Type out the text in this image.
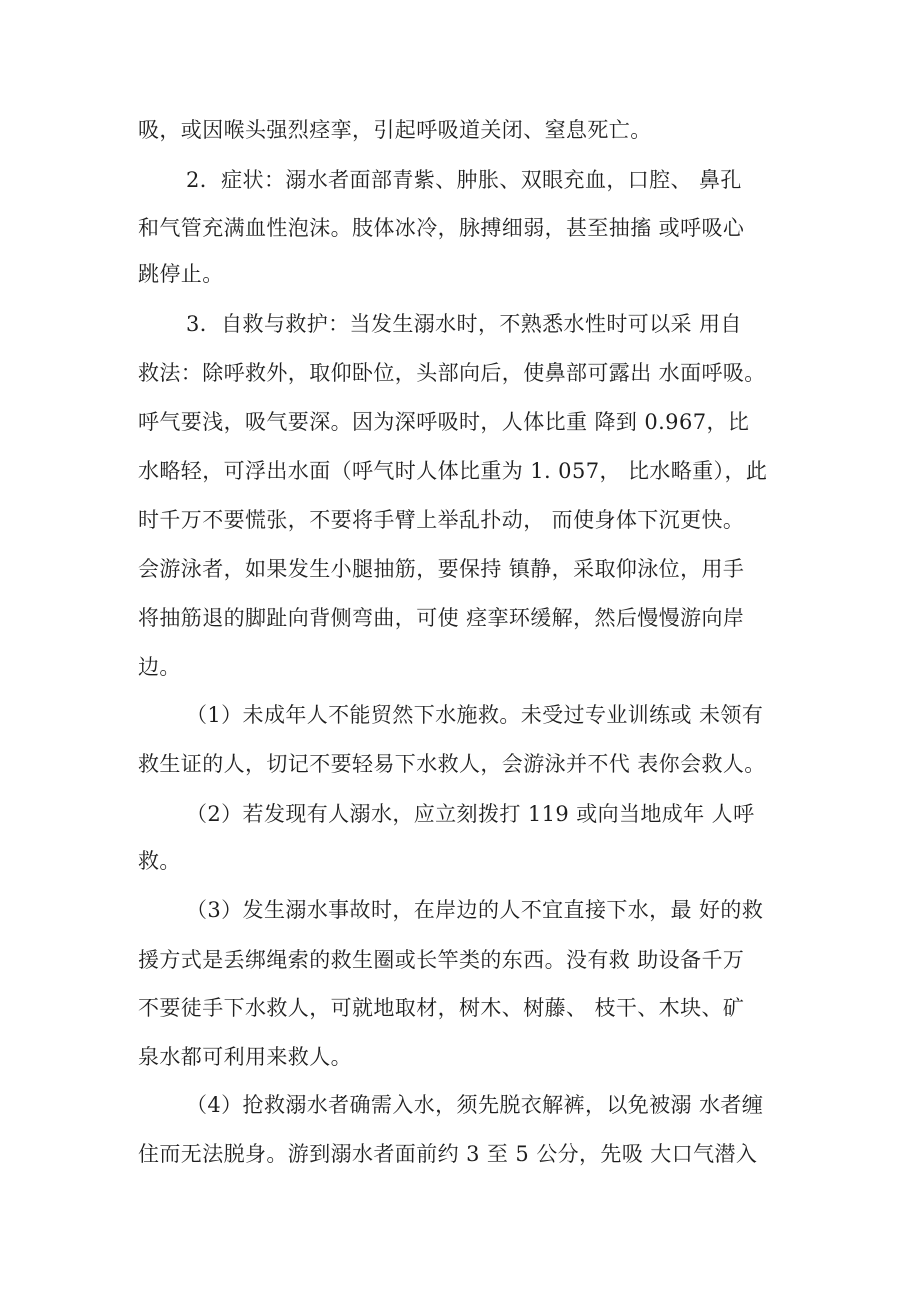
吸，或因喉头强烈痉挛，引起呼吸道关闭、窒息死亡。
2．症状：溺水者面部青紫、肿胀、双眼充血，口腔、 鼻孔
和气管充满血性泡沫。肢体冰冷，脉搏细弱，甚至抽搐 或呼吸心
跳停止。
3．自救与救护：当发生溺水时，不熟悉水性时可以采 用自
救法：除呼救外，取仰卧位，头部向后，使鼻部可露出 水面呼吸。
呼气要浅，吸气要深。因为深呼吸时，人体比重 降到 0.967，比
水略轻，可浮出水面（呼气时人体比重为 1. 057， 比水略重），此
时千万不要慌张，不要将手臂上举乱扑动， 而使身体下沉更快。
会游泳者，如果发生小腿抽筋，要保持 镇静，采取仰泳位，用手
将抽筋退的脚趾向背侧弯曲，可使 痉挛环缓解，然后慢慢游向岸
边。
（1）未成年人不能贸然下水施救。未受过专业训练或 未领有
救生证的人，切记不要轻易下水救人，会游泳并不代 表你会救人。
（2）若发现有人溺水，应立刻拨打 119 或向当地成年 人呼
救。
（3）发生溺水事故时，在岸边的人不宜直接下水，最 好的救
援方式是丢绑绳索的救生圈或长竿类的东西。没有救 助设备千万
不要徒手下水救人，可就地取材，树木、树藤、 枝干、木块、矿
泉水都可利用来救人。
（4）抢救溺水者确需入水，须先脱衣解裤，以免被溺 水者缠
住而无法脱身。游到溺水者面前约 3 至 5 公分，先吸 大口气潜入
